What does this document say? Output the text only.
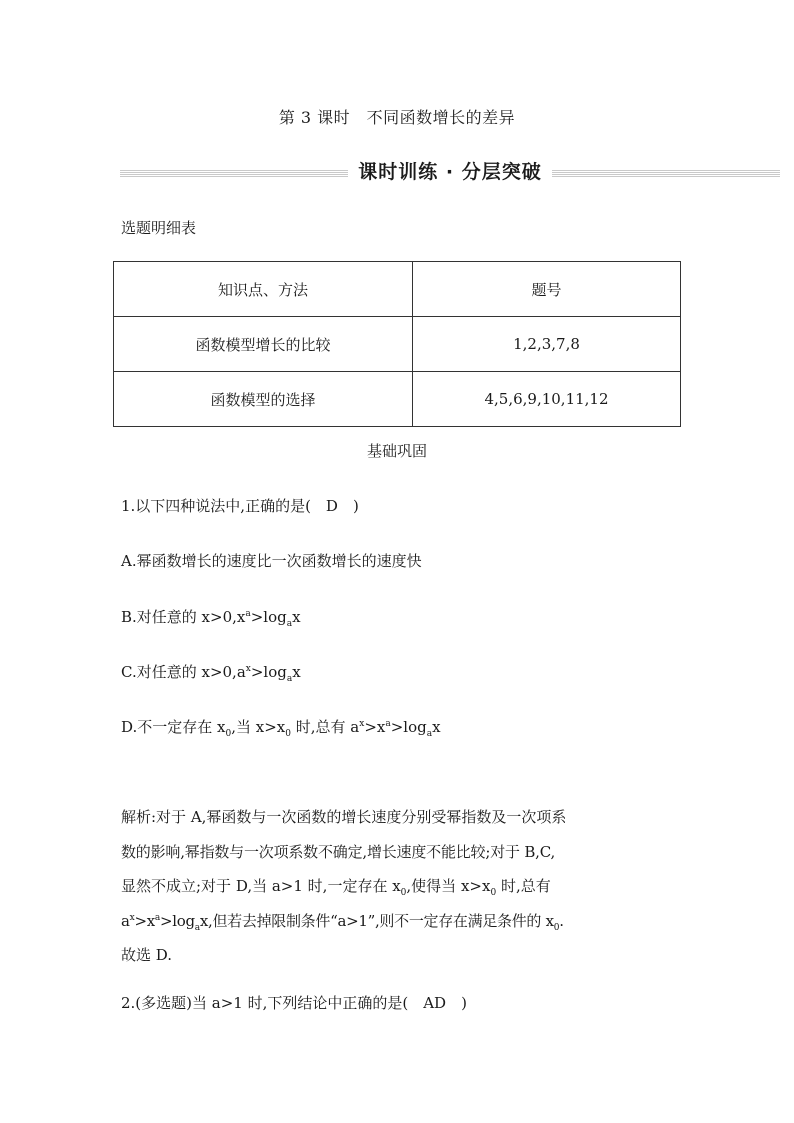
第 3 课时　不同函数增长的差异
课时训练 · 分层突破
选题明细表
知识点、方法	题号
函数模型增长的比较	1,2,3,7,8
函数模型的选择	4,5,6,9,10,11,12
基础巩固
1.以下四种说法中,正确的是(　D　)
A.幂函数增长的速度比一次函数增长的速度快
B.对任意的 $x>0,x^a>\log_ax$
C.对任意的 $x>0,a^x>\log_ax$
D.不一定存在 $x_0$,当 $x>x_0$ 时,总有 $a^x>x^a>\log_ax$
解析:对于 A,幂函数与一次函数的增长速度分别受幂指数及一次项系
数的影响,幂指数与一次项系数不确定,增长速度不能比较;对于 B,C,
显然不成立;对于 D,当 a>1 时,一定存在 $x_0$,使得当 $x>x_0$ 时,总有
$a^x>x^a>\log_ax$,但若去掉限制条件“a>1”,则不一定存在满足条件的 $x_0$.
故选 D.
2.(多选题)当 a>1 时,下列结论中正确的是(　AD　)
